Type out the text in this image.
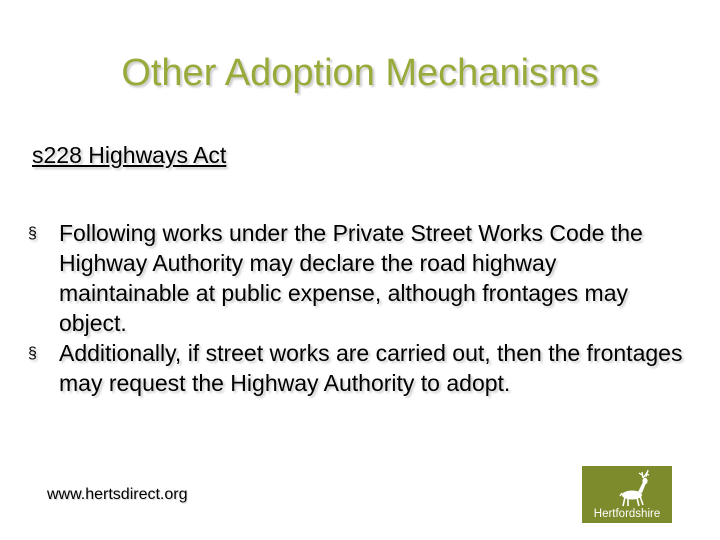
Other Adoption Mechanisms
s228 Highways Act
§ Following works under the Private Street Works Code the Highway Authority may declare the road highway maintainable at public expense, although frontages may object.
§ Additionally, if street works are carried out, then the frontages may request the Highway Authority to adopt.
www.hertsdirect.org
Hertfordshire
